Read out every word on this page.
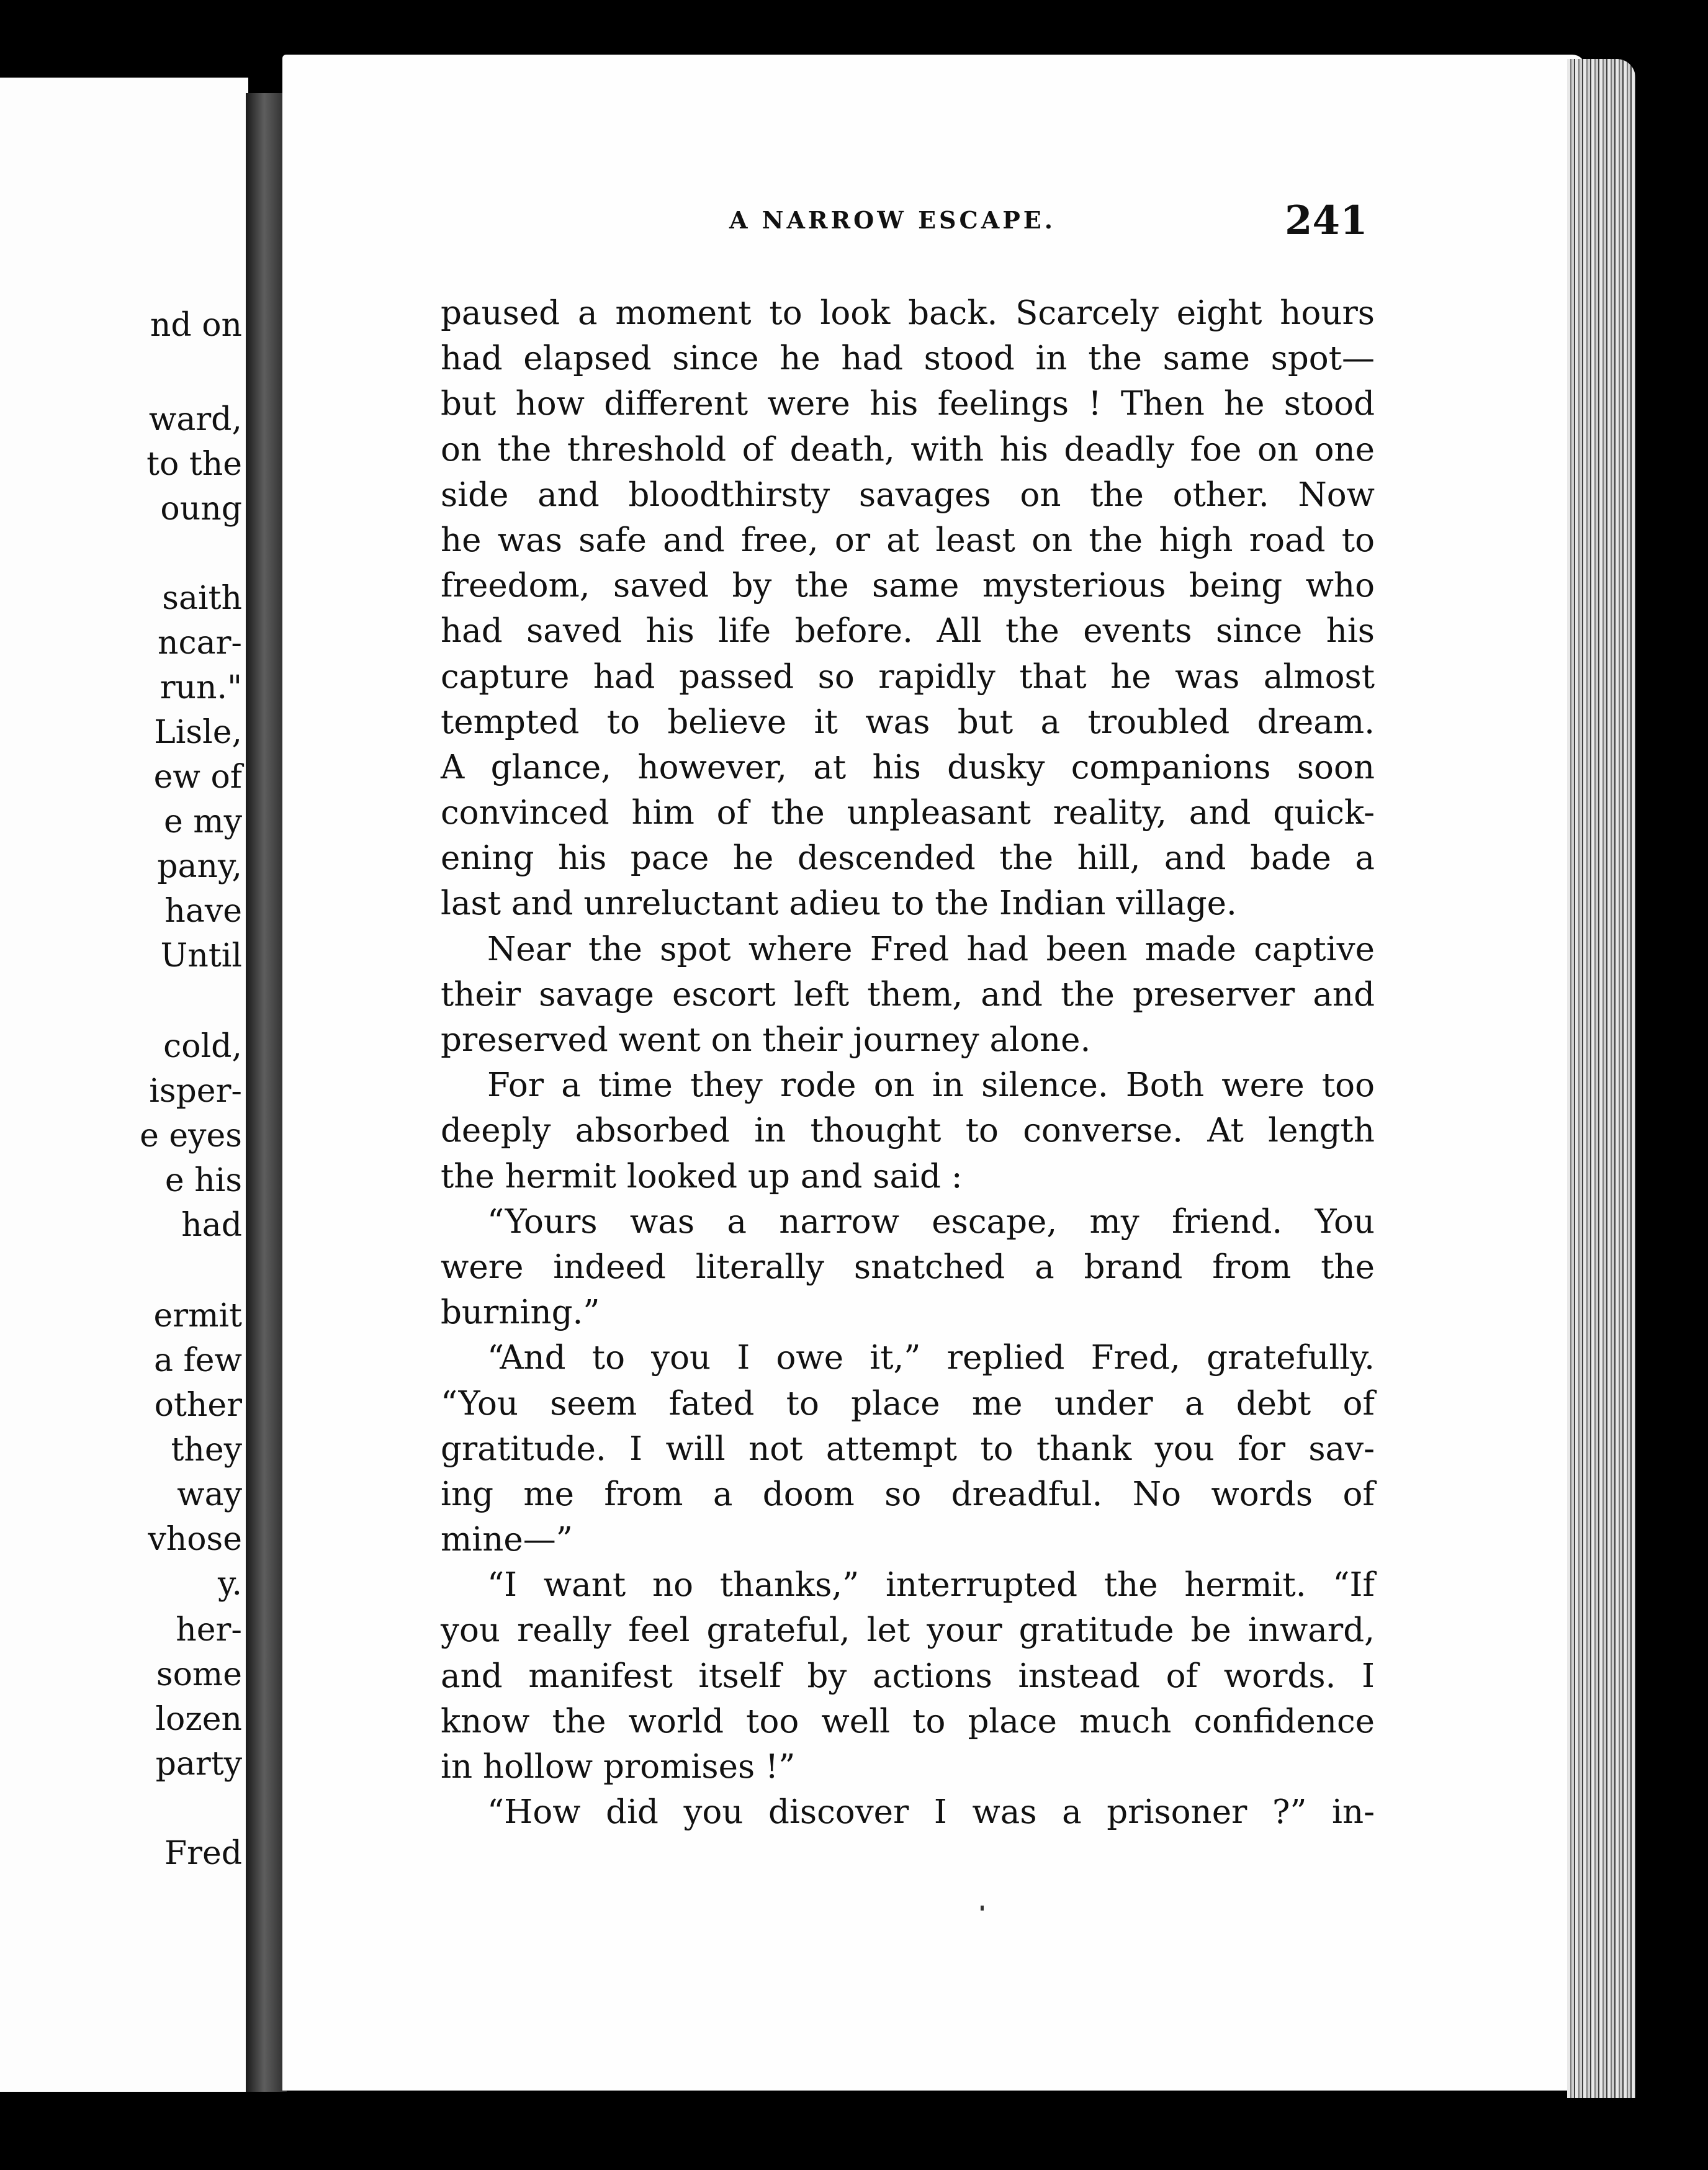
nd on
ward,
to the
oung
saith
ncar-
run."
Lisle,
ew of
e my
pany,
have
Until
cold,
isper-
e eyes
e his
had
ermit
a few
other
they
way
vhose
y.
her-
some
lozen
party
Fred
A NARROW ESCAPE.	241
paused a moment to look back. Scarcely eight hours
had elapsed since he had stood in the same spot—
but how different were his feelings ! Then he stood
on the threshold of death, with his deadly foe on one
side and bloodthirsty savages on the other. Now
he was safe and free, or at least on the high road to
freedom, saved by the same mysterious being who
had saved his life before. All the events since his
capture had passed so rapidly that he was almost
tempted to believe it was but a troubled dream.
A glance, however, at his dusky companions soon
convinced him of the unpleasant reality, and quick-
ening his pace he descended the hill, and bade a
last and unreluctant adieu to the Indian village.
Near the spot where Fred had been made captive
their savage escort left them, and the preserver and
preserved went on their journey alone.
For a time they rode on in silence. Both were too
deeply absorbed in thought to converse. At length
the hermit looked up and said :
“Yours was a narrow escape, my friend. You
were indeed literally snatched a brand from the
burning.”
“And to you I owe it,” replied Fred, gratefully.
“You seem fated to place me under a debt of
gratitude. I will not attempt to thank you for sav-
ing me from a doom so dreadful. No words of
mine—”
“I want no thanks,” interrupted the hermit. “If
you really feel grateful, let your gratitude be inward,
and manifest itself by actions instead of words. I
know the world too well to place much confidence
in hollow promises !”
“How did you discover I was a prisoner ?” in-
